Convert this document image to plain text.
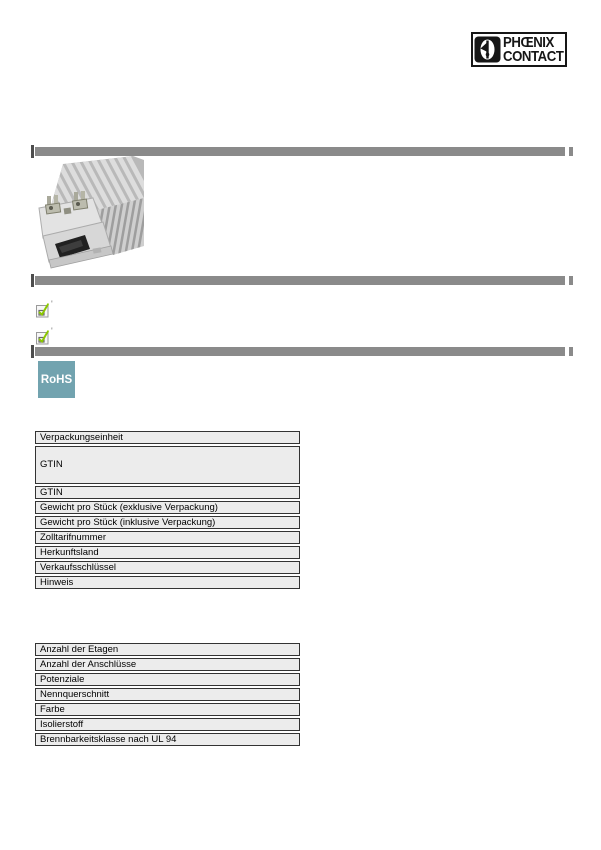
PHŒNIX
CONTACT
'
'
RoHS
Verpackungseinheit
GTIN
GTIN
Gewicht pro Stück (exklusive Verpackung)
Gewicht pro Stück (inklusive Verpackung)
Zolltarifnummer
Herkunftsland
Verkaufsschlüssel
Hinweis
Anzahl der Etagen
Anzahl der Anschlüsse
Potenziale
Nennquerschnitt
Farbe
Isolierstoff
Brennbarkeitsklasse nach UL 94
